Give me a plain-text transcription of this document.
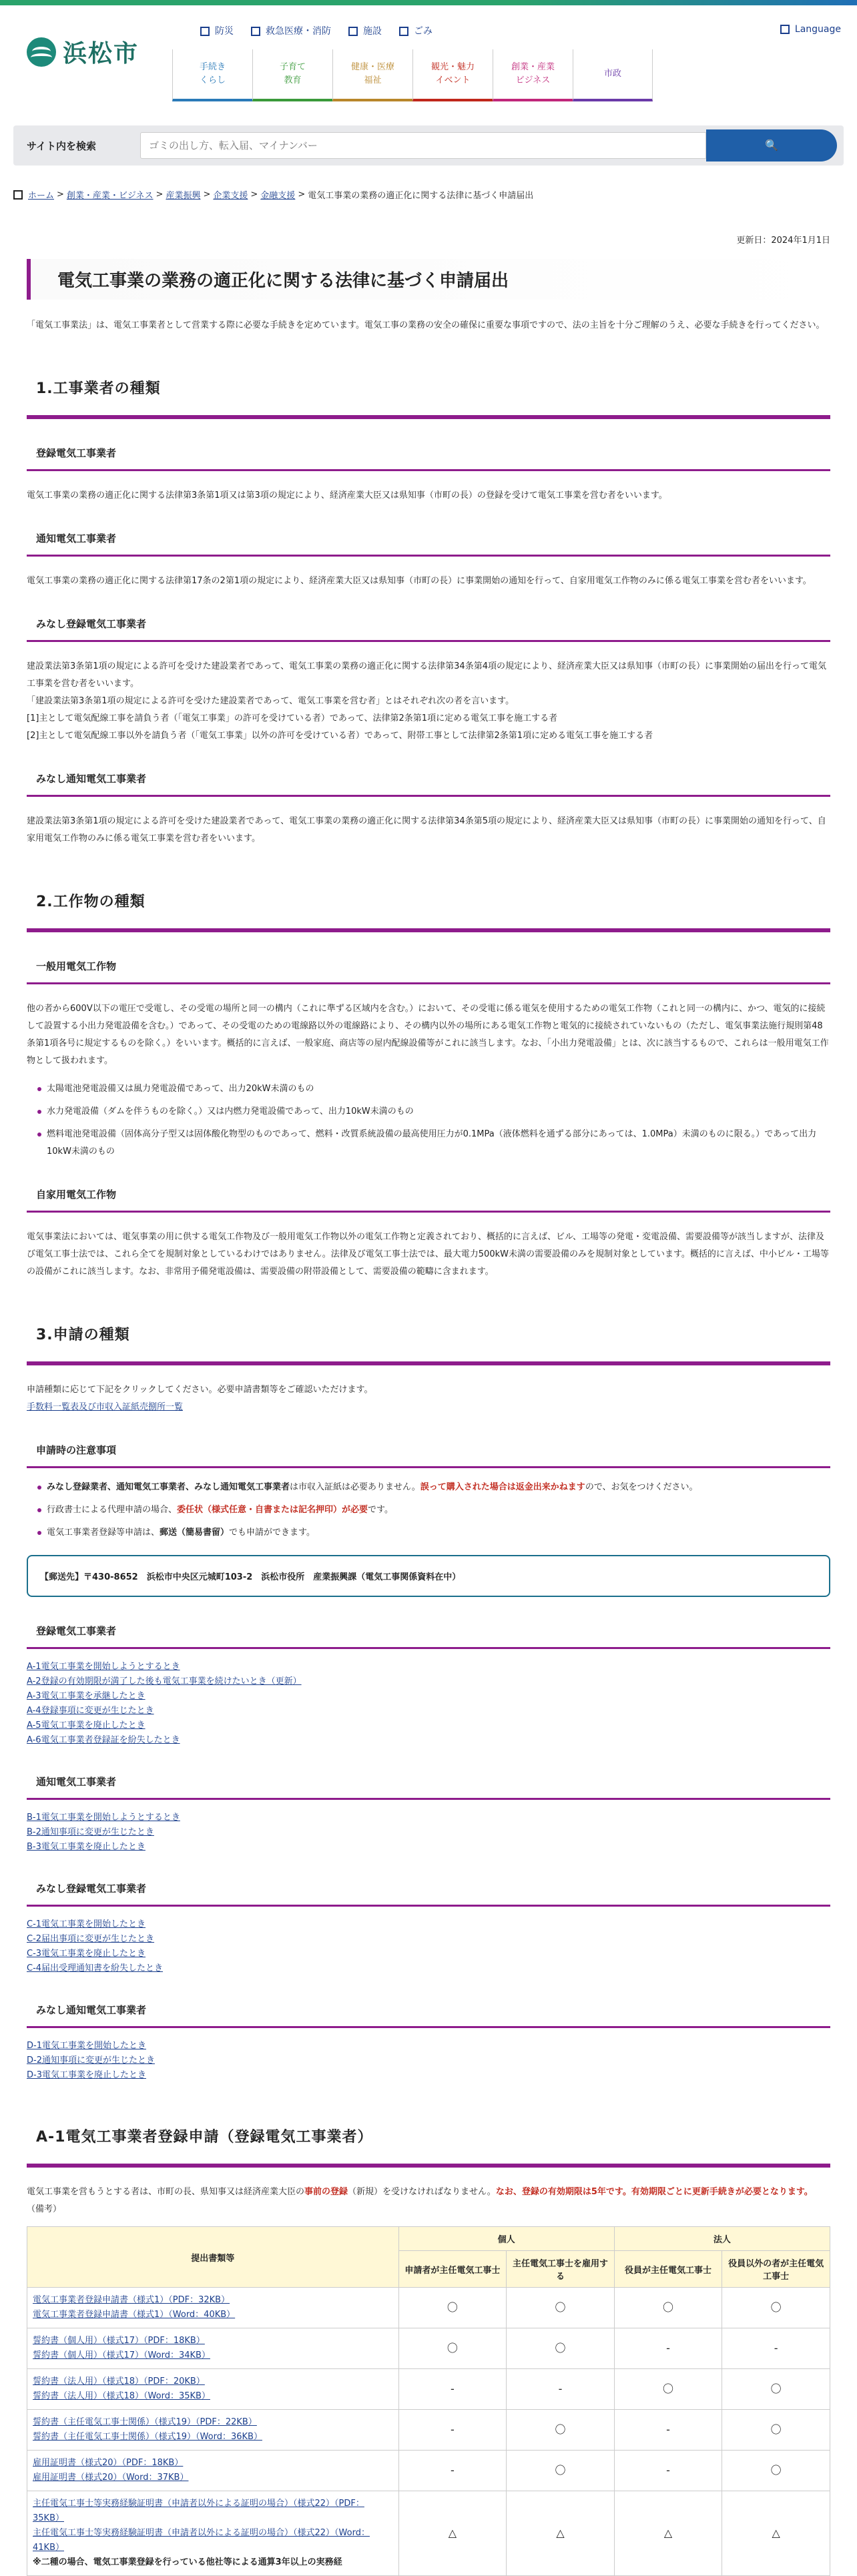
浜松市
防災	救急医療・消防	施設	ごみ	Language
手続き
くらし
子育て
教育
健康・医療
福祉
観光・魅力
イベント
創業・産業
ビジネス
市政
サイト内を検索
ゴミの出し方、転入届、マイナンバー	🔍
ホーム > 創業・産業・ビジネス > 産業振興 > 企業支援 > 金融支援 > 電気工事業の業務の適正化に関する法律に基づく申請届出
更新日：2024年1月1日
電気工事業の業務の適正化に関する法律に基づく申請届出
「電気工事業法」は、電気工事業者として営業する際に必要な手続きを定めています。電気工事の業務の安全の確保に重要な事項ですので、法の主旨を十分ご理解のうえ、必要な手続きを行ってください。
1.工事業者の種類
登録電気工事業者

電気工事業の業務の適正化に関する法律第3条第1項又は第3項の規定により、経済産業大臣又は県知事（市町の長）の登録を受けて電気工事業を営む者をいいます。

通知電気工事業者

電気工事業の業務の適正化に関する法律第17条の2第1項の規定により、経済産業大臣又は県知事（市町の長）に事業開始の通知を行って、自家用電気工作物のみに係る電気工事業を営む者をいいます。

みなし登録電気工事業者

建設業法第3条第1項の規定による許可を受けた建設業者であって、電気工事業の業務の適正化に関する法律第34条第4項の規定により、経済産業大臣又は県知事（市町の長）に事業開始の届出を行って電気工事業を営む者をいいます。
「建設業法第3条第1項の規定による許可を受けた建設業者であって、電気工事業を営む者」とはそれぞれ次の者を言います。
[1]主として電気配線工事を請負う者（「電気工事業」の許可を受けている者）であって、法律第2条第1項に定める電気工事を施工する者
[2]主として電気配線工事以外を請負う者（「電気工事業」以外の許可を受けている者）であって、附帯工事として法律第2条第1項に定める電気工事を施工する者

みなし通知電気工事業者

建設業法第3条第1項の規定による許可を受けた建設業者であって、電気工事業の業務の適正化に関する法律第34条第5項の規定により、経済産業大臣又は県知事（市町の長）に事業開始の通知を行って、自家用電気工作物のみに係る電気工事業を営む者をいいます。

2.工作物の種類
一般用電気工作物

他の者から600V以下の電圧で受電し、その受電の場所と同一の構内（これに準ずる区域内を含む。）において、その受電に係る電気を使用するための電気工作物（これと同一の構内に、かつ、電気的に接続して設置する小出力発電設備を含む。）であって、その受電のための電線路以外の電線路により、その構内以外の場所にある電気工作物と電気的に接続されていないもの（ただし、電気事業法施行規則第48条第1項各号に規定するものを除く。）をいいます。概括的に言えば、一般家庭、商店等の屋内配線設備等がこれに該当します。なお、「小出力発電設備」とは、次に該当するもので、これらは一般用電気工作物として扱われます。

太陽電池発電設備又は風力発電設備であって、出力20kW未満のもの
水力発電設備（ダムを伴うものを除く。）又は内燃力発電設備であって、出力10kW未満のもの
燃料電池発電設備（固体高分子型又は固体酸化物型のものであって、燃料・改質系統設備の最高使用圧力が0.1MPa（液体燃料を通ずる部分にあっては、1.0MPa）未満のものに限る。）であって出力10kW未満のもの
自家用電気工作物

電気事業法においては、電気事業の用に供する電気工作物及び一般用電気工作物以外の電気工作物と定義されており、概括的に言えば、ビル、工場等の発電・変電設備、需要設備等が該当しますが、法律及び電気工事士法では、これら全てを規制対象としているわけではありません。法律及び電気工事士法では、最大電力500kW未満の需要設備のみを規制対象としています。概括的に言えば、中小ビル・工場等の設備がこれに該当します。なお、非常用予備発電設備は、需要設備の附帯設備として、需要設備の範疇に含まれます。

3.申請の種類

申請種類に応じて下記をクリックしてください。必要申請書類等をご確認いただけます。
手数料一覧表及び市収入証紙売捌所一覧

申請時の注意事項
みなし登録業者、通知電気工事業者、みなし通知電気工事業者は市収入証紙は必要ありません。誤って購入された場合は返金出来かねますので、お気をつけください。
行政書士による代理申請の場合、委任状（様式任意・自書または記名押印）が必要です。
電気工事業者登録等申請は、郵送（簡易書留）でも申請ができます。
【郵送先】〒430-8652　浜松市中央区元城町103-2　浜松市役所　産業振興課（電気工事関係資料在中）
登録電気工事業者
A-1電気工事業を開始しようとするとき
A-2登録の有効期限が満了した後も電気工事業を続けたいとき（更新）
A-3電気工事業を承継したとき
A-4登録事項に変更が生じたとき
A-5電気工事業を廃止したとき
A-6電気工事業者登録証を紛失したとき
通知電気工事業者
B-1電気工事業を開始しようとするとき
B-2通知事項に変更が生じたとき
B-3電気工事業を廃止したとき
みなし登録電気工事業者
C-1電気工事業を開始したとき
C-2届出事項に変更が生じたとき
C-3電気工事業を廃止したとき
C-4届出受理通知書を紛失したとき
みなし通知電気工事業者
D-1電気工事業を開始したとき
D-2通知事項に変更が生じたとき
D-3電気工事業を廃止したとき
A-1電気工事業者登録申請（登録電気工事業者）

電気工事業を営もうとする者は、市町の長、県知事又は経済産業大臣の事前の登録（新規）を受けなければなりません。なお、登録の有効期限は5年です。有効期限ごとに更新手続きが必要となります。
（備考）

提出書類等	個人		法人	
	申請者が主任電気工事士	主任電気工事士を雇用する	役員が主任電気工事士	役員以外の者が主任電気工事士
電気工事業者登録申請書（様式1）（PDF：32KB）
電気工事業者登録申請書（様式1）（Word：40KB）	〇	〇	〇	〇
誓約書（個人用）（様式17）（PDF：18KB）
誓約書（個人用）（様式17）（Word：34KB）	〇	〇	-	-
誓約書（法人用）（様式18）（PDF：20KB）
誓約書（法人用）（様式18）（Word：35KB）	-	-	〇	〇
誓約書（主任電気工事士関係）（様式19）（PDF：22KB）
誓約書（主任電気工事士関係）（様式19）（Word：36KB）	-	〇	-	〇
雇用証明書（様式20）（PDF：18KB）
雇用証明書（様式20）（Word：37KB）	-	〇	-	〇
主任電気工事士等実務経験証明書（申請者以外による証明の場合）（様式22）（PDF：35KB）
主任電気工事士等実務経験証明書（申請者以外による証明の場合）（様式22）（Word：41KB）
※二種の場合、電気工事業登録を行っている他社等による通算3年以上の実務経	△	△	△	△
